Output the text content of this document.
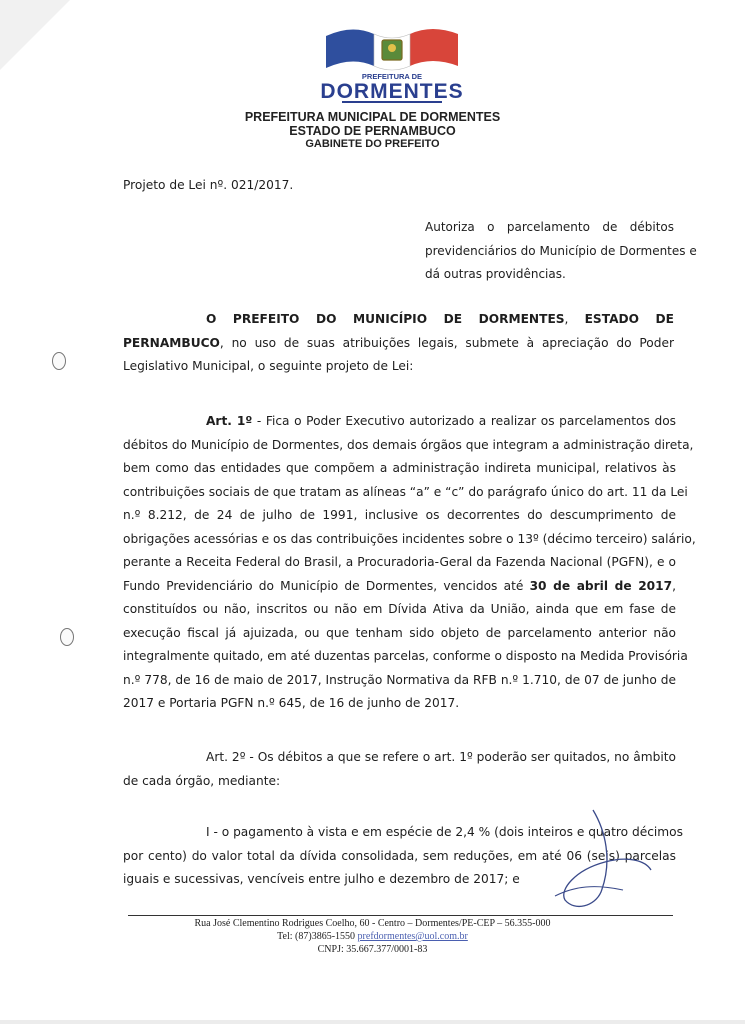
PREFEITURA DE
DORMENTES
PREFEITURA MUNICIPAL DE DORMENTES
ESTADO DE PERNAMBUCO
GABINETE DO PREFEITO
Projeto de Lei nº. 021/2017.
Autoriza o parcelamento de débitos
previdenciários do Município de Dormentes e
dá outras providências.
O PREFEITO DO MUNICÍPIO DE DORMENTES, ESTADO DE
PERNAMBUCO, no uso de suas atribuições legais, submete à apreciação do Poder
Legislativo Municipal, o seguinte projeto de Lei:
Art. 1º - Fica o Poder Executivo autorizado a realizar os parcelamentos dos
débitos do Município de Dormentes, dos demais órgãos que integram a administração direta,
bem como das entidades que compõem a administração indireta municipal, relativos às
contribuições sociais de que tratam as alíneas “a” e “c” do parágrafo único do art. 11 da Lei
n.º 8.212, de 24 de julho de 1991, inclusive os decorrentes do descumprimento de
obrigações acessórias e os das contribuições incidentes sobre o 13º (décimo terceiro) salário,
perante a Receita Federal do Brasil, a Procuradoria-Geral da Fazenda Nacional (PGFN), e o
Fundo Previdenciário do Município de Dormentes, vencidos até 30 de abril de 2017,
constituídos ou não, inscritos ou não em Dívida Ativa da União, ainda que em fase de
execução fiscal já ajuizada, ou que tenham sido objeto de parcelamento anterior não
integralmente quitado, em até duzentas parcelas, conforme o disposto na Medida Provisória
n.º 778, de 16 de maio de 2017, Instrução Normativa da RFB n.º 1.710, de 07 de junho de
2017 e Portaria PGFN n.º 645, de 16 de junho de 2017.
Art. 2º - Os débitos a que se refere o art. 1º poderão ser quitados, no âmbito
de cada órgão, mediante:
I - o pagamento à vista e em espécie de 2,4 % (dois inteiros e quatro décimos
por cento) do valor total da dívida consolidada, sem reduções, em até 06 (seis) parcelas
iguais e sucessivas, vencíveis entre julho e dezembro de 2017; e
Rua José Clementino Rodrigues Coelho, 60 - Centro – Dormentes/PE-CEP – 56.355-000
Tel: (87)3865-1550 prefdormentes@uol.com.br
CNPJ: 35.667.377/0001-83
